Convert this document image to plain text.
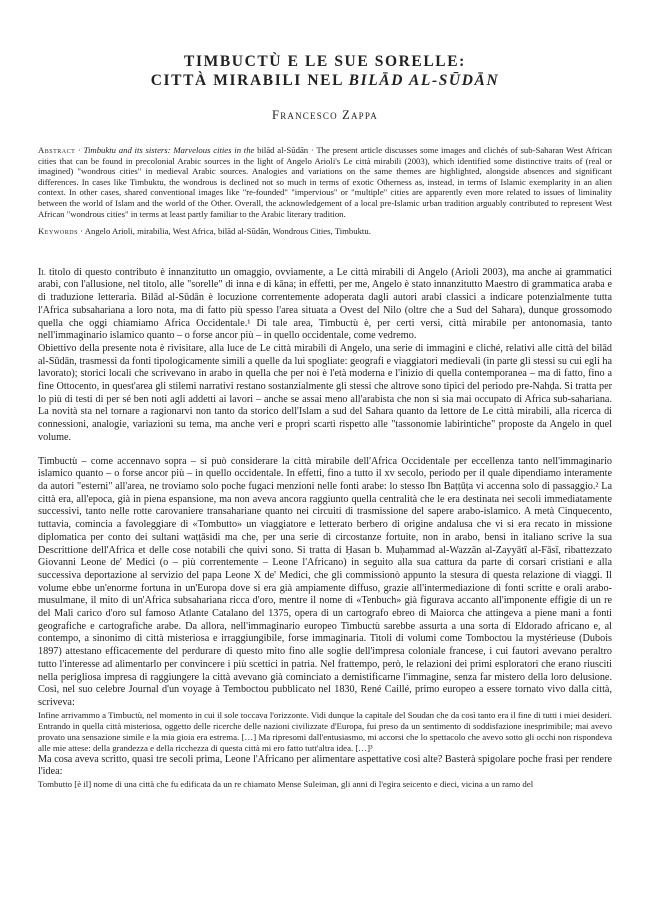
TIMBUCTÙ E LE SUE SORELLE:
CITTÀ MIRABILI NEL BILĀD AL-SŪDĀN
Francesco Zappa

Abstract · Timbuktu and its sisters: Marvelous cities in the bilād al-Sūdān · The present article discusses some images and clichés of sub-Saharan West African cities that can be found in precolonial Arabic sources in the light of Angelo Arioli's Le città mirabili (2003), which identified some distinctive traits of (real or imagined) "wondrous cities" in medieval Arabic sources. Analogies and variations on the same themes are highlighted, alongside absences and significant differences. In cases like Timbuktu, the wondrous is declined not so much in terms of exotic Otherness as, instead, in terms of Islamic exemplarity in an alien context. In other cases, shared conventional images like "re-founded" "impervious" or "multiple" cities are apparently even more related to issues of liminality between the world of Islam and the world of the Other. Overall, the acknowledgement of a local pre-Islamic urban tradition arguably contributed to represent West African "wondrous cities" in terms at least partly familiar to the Arabic literary tradition.

Keywords · Angelo Arioli, mirabilia, West Africa, bilād al-Sūdān, Wondrous Cities, Timbuktu.

Il titolo di questo contributo è innanzitutto un omaggio, ovviamente, a Le città mirabili di Angelo (Arioli 2003), ma anche ai grammatici arabi, con l'allusione, nel titolo, alle "sorelle" di inna e di kāna; in effetti, per me, Angelo è stato innanzitutto Maestro di grammatica araba e di traduzione letteraria. Bilād al-Sūdān è locuzione correntemente adoperata dagli autori arabi classici a indicare potenzialmente tutta l'Africa subsahariana a loro nota, ma di fatto più spesso l'area situata a Ovest del Nilo (oltre che a Sud del Sahara), dunque grossomodo quella che oggi chiamiamo Africa Occidentale.¹ Di tale area, Timbuctù è, per certi versi, città mirabile per antonomasia, tanto nell'immaginario islamico quanto – o forse ancor più – in quello occidentale, come vedremo.

Obiettivo della presente nota è rivisitare, alla luce de Le città mirabili di Angelo, una serie di immagini e cliché, relativi alle città del bilād al-Sūdān, trasmessi da fonti tipologicamente simili a quelle da lui spogliate: geografi e viaggiatori medievali (in parte gli stessi su cui egli ha lavorato); storici locali che scrivevano in arabo in quella che per noi è l'età moderna e l'inizio di quella contemporanea – ma di fatto, fino a fine Ottocento, in quest'area gli stilemi narrativi restano sostanzialmente gli stessi che altrove sono tipici del periodo pre-Nahḍa. Si tratta per lo più di testi di per sé ben noti agli addetti ai lavori – anche se assai meno all'arabista che non si sia mai occupato di Africa sub-sahariana. La novità sta nel tornare a ragionarvi non tanto da storico dell'Islam a sud del Sahara quanto da lettore de Le città mirabili, alla ricerca di connessioni, analogie, variazioni su tema, ma anche veri e propri scarti rispetto alle "tassonomie labirintiche" proposte da Angelo in quel volume.

Timbuctù – come accennavo sopra – si può considerare la città mirabile dell'Africa Occidentale per eccellenza tanto nell'immaginario islamico quanto – o forse ancor più – in quello occidentale. In effetti, fino a tutto il xv secolo, periodo per il quale dipendiamo interamente da autori "esterni" all'area, ne troviamo solo poche fugaci menzioni nelle fonti arabe: lo stesso Ibn Baṭṭūṭa vi accenna solo di passaggio.² La città era, all'epoca, già in piena espansione, ma non aveva ancora raggiunto quella centralità che le era destinata nei secoli immediatamente successivi, tanto nelle rotte carovaniere transahariane quanto nei circuiti di trasmissione del sapere arabo-islamico. A metà Cinquecento, tuttavia, comincia a favoleggiare di «Tombutto» un viaggiatore e letterato berbero di origine andalusa che vi si era recato in missione diplomatica per conto dei sultani waṭṭāsidi ma che, per una serie di circostanze fortuite, non in arabo, bensì in italiano scrive la sua Descrittione dell'Africa et delle cose notabili che quivi sono. Si tratta di Ḥasan b. Muḥammad al-Wazzān al-Zayyātī al-Fāsī, ribattezzato Giovanni Leone de' Medici (o – più correntemente – Leone l'Africano) in seguito alla sua cattura da parte di corsari cristiani e alla successiva deportazione al servizio del papa Leone X de' Medici, che gli commissionò appunto la stesura di questa relazione di viaggi. Il volume ebbe un'enorme fortuna in un'Europa dove si era già ampiamente diffuso, grazie all'intermediazione di fonti scritte e orali arabo-musulmane, il mito di un'Africa subsahariana ricca d'oro, mentre il nome di «Tenbuch» già figurava accanto all'imponente effigie di un re del Mali carico d'oro sul famoso Atlante Catalano del 1375, opera di un cartografo ebreo di Maiorca che attingeva a piene mani a fonti geografiche e cartografiche arabe. Da allora, nell'immaginario europeo Timbuctù sarebbe assurta a una sorta di Eldorado africano e, al contempo, a sinonimo di città misteriosa e irraggiungibile, forse immaginaria. Titoli di volumi come Tomboctou la mystérieuse (Dubois 1897) attestano efficacemente del perdurare di questo mito fino alle soglie dell'impresa coloniale francese, i cui fautori avevano peraltro tutto l'interesse ad alimentarlo per convincere i più scettici in patria. Nel frattempo, però, le relazioni dei primi esploratori che erano riusciti nella perigliosa impresa di raggiungere la città avevano già cominciato a demistificarne l'immagine, senza far mistero della loro delusione. Così, nel suo celebre Journal d'un voyage à Temboctou pubblicato nel 1830, René Caillé, primo europeo a essere tornato vivo dalla città, scriveva:

Infine arrivammo a Timbuctù, nel momento in cui il sole toccava l'orizzonte. Vidi dunque la capitale del Soudan che da così tanto era il fine di tutti i miei desideri. Entrando in quella città misteriosa, oggetto delle ricerche delle nazioni civilizzate d'Europa, fui preso da un sentimento di soddisfazione inesprimibile; mai avevo provato una sensazione simile e la mia gioia era estrema. […] Ma ripresomi dall'entusiasmo, mi accorsi che lo spettacolo che avevo sotto gli occhi non rispondeva alle mie attese: della grandezza e della ricchezza di questa città mi ero fatto tutt'altra idea. […]³

Ma cosa aveva scritto, quasi tre secoli prima, Leone l'Africano per alimentare aspettative così alte? Basterà spigolare poche frasi per rendere l'idea:

Tombutto [è il] nome di una città che fu edificata da un re chiamato Mense Suleiman, gli anni di l'egira seicento e dieci, vicina a un ramo del
